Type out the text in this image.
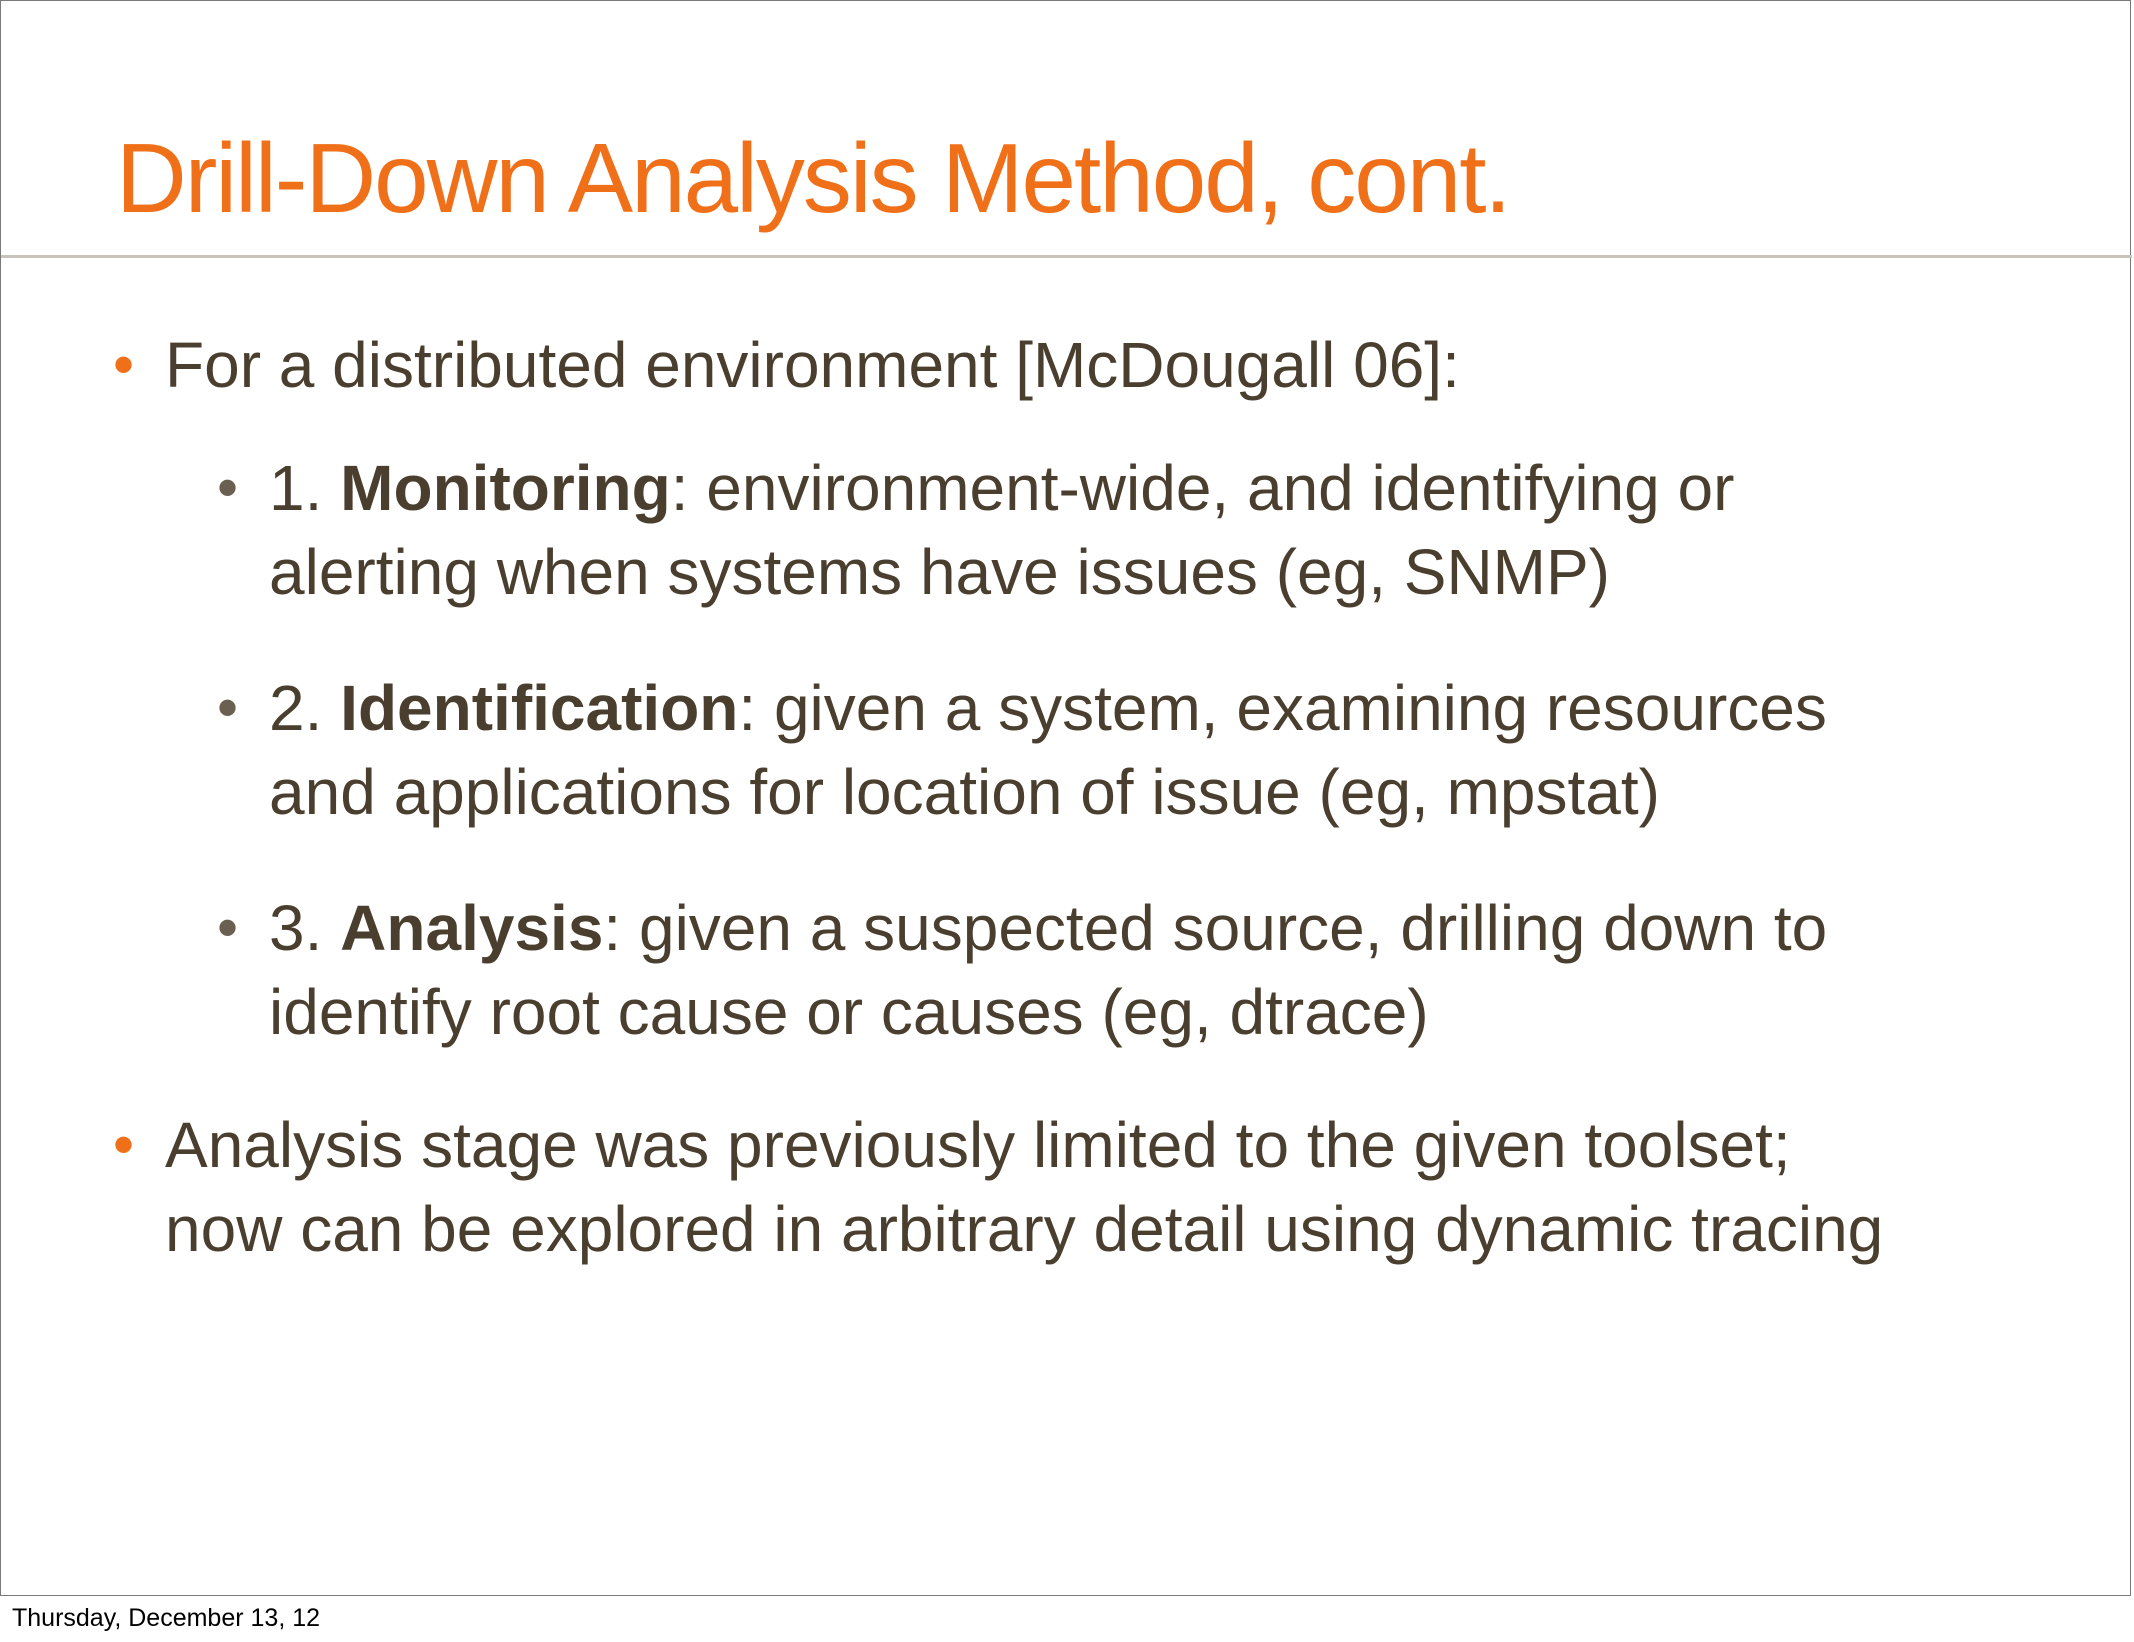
Drill-Down Analysis Method, cont.
• For a distributed environment [McDougall 06]:
• 1. Monitoring: environment-wide, and identifying or
alerting when systems have issues (eg, SNMP)
• 2. Identification: given a system, examining resources
and applications for location of issue (eg, mpstat)
• 3. Analysis: given a suspected source, drilling down to
identify root cause or causes (eg, dtrace)
• Analysis stage was previously limited to the given toolset;
now can be explored in arbitrary detail using dynamic tracing
Thursday, December 13, 12
